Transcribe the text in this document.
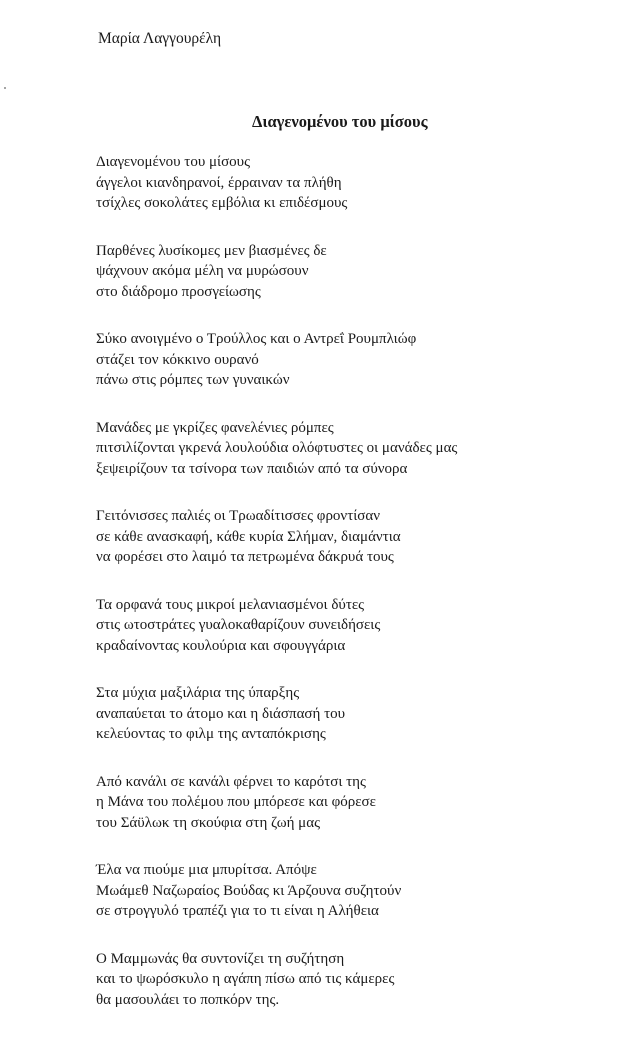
Μαρία Λαγγουρέλη
Διαγενομένου του μίσους
Διαγενομένου του μίσους
άγγελοι κιανδηρανοί, έρραιναν τα πλήθη
τσίχλες σοκολάτες εμβόλια κι επιδέσμους
Παρθένες λυσίκομες μεν βιασμένες δε
ψάχνουν ακόμα μέλη να μυρώσουν
στο διάδρομο προσγείωσης
Σύκο ανοιγμένο ο Τρούλλος και ο Αντρεΐ Ρουμπλιώφ
στάζει τον κόκκινο ουρανό
πάνω στις ρόμπες των γυναικών
Μανάδες με γκρίζες φανελένιες ρόμπες
πιτσιλίζονται γκρενά λουλούδια ολόφτυστες οι μανάδες μας
ξεψειρίζουν τα τσίνορα των παιδιών από τα σύνορα
Γειτόνισσες παλιές οι Τρωαδίτισσες φροντίσαν
σε κάθε ανασκαφή, κάθε κυρία Σλήμαν, διαμάντια
να φορέσει στο λαιμό τα πετρωμένα δάκρυά τους
Τα ορφανά τους μικροί μελανιασμένοι δύτες
στις ωτοστράτες γυαλοκαθαρίζουν συνειδήσεις
κραδαίνοντας κουλούρια και σφουγγάρια
Στα μύχια μαξιλάρια της ύπαρξης
αναπαύεται το άτομο και η διάσπασή του
κελεύοντας το φιλμ της ανταπόκρισης
Από κανάλι σε κανάλι φέρνει το καρότσι της
η Μάνα του πολέμου που μπόρεσε και φόρεσε
του Σάϋλωκ τη σκούφια στη ζωή μας
Έλα να πιούμε μια μπυρίτσα. Απόψε
Μωάμεθ Ναζωραίος Βούδας κι Άρζουνα συζητούν
σε στρογγυλό τραπέζι για το τι είναι η Αλήθεια
Ο Μαμμωνάς θα συντονίζει τη συζήτηση
και το ψωρόσκυλο η αγάπη πίσω από τις κάμερες
θα μασουλάει το ποπκόρν της.
